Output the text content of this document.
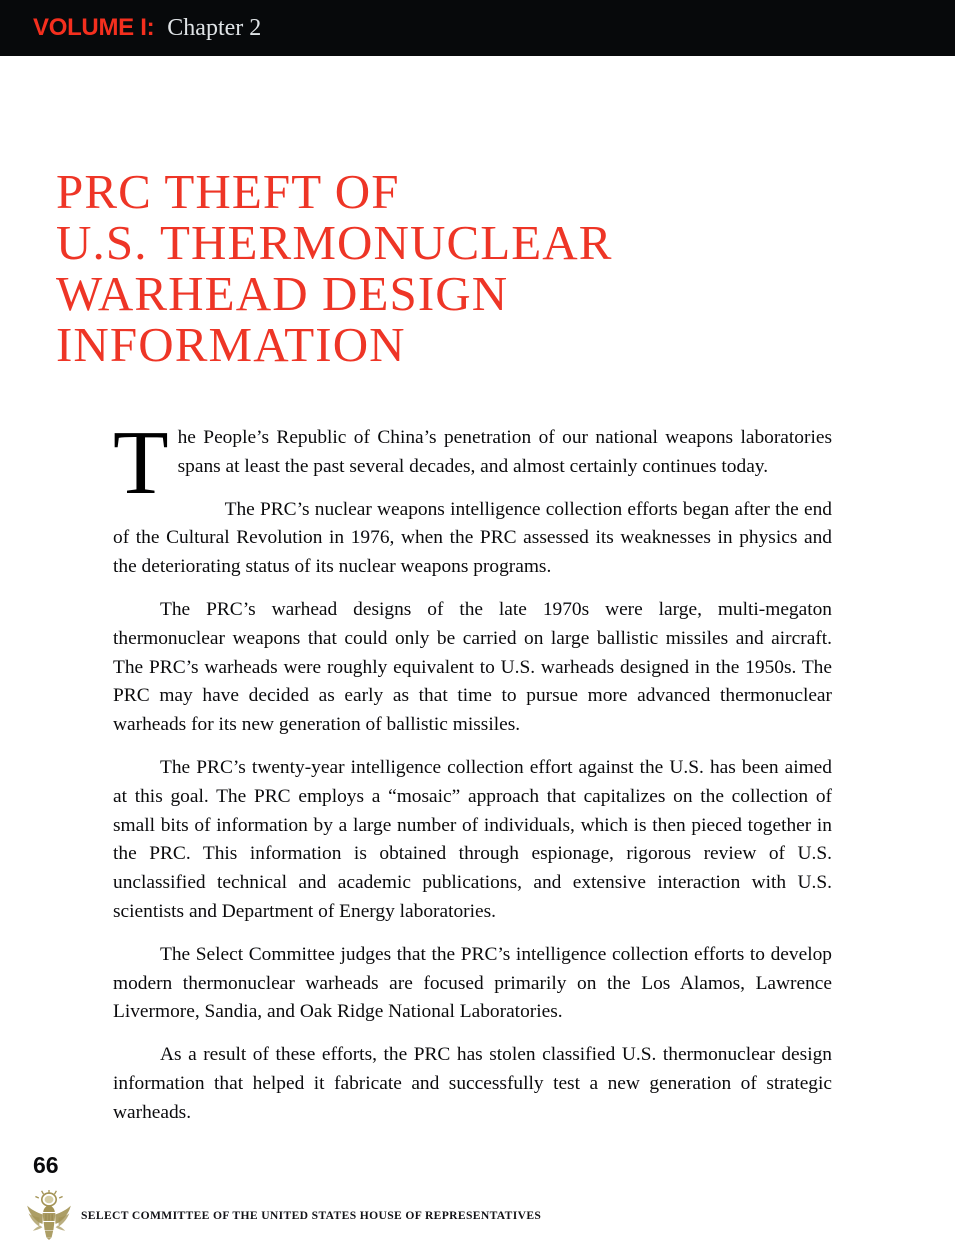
VOLUME I: Chapter 2
PRC THEFT OF
U.S. THERMONUCLEAR
WARHEAD DESIGN
INFORMATION

The People’s Republic of China’s penetration of our national weapons laboratories spans at least the past several decades, and almost certainly continues today.

The PRC’s nuclear weapons intelligence collection efforts began after the end of the Cultural Revolution in 1976, when the PRC assessed its weaknesses in physics and the deteriorating status of its nuclear weapons programs.

The PRC’s warhead designs of the late 1970s were large, multi-megaton thermonuclear weapons that could only be carried on large ballistic missiles and aircraft. The PRC’s warheads were roughly equivalent to U.S. warheads designed in the 1950s. The PRC may have decided as early as that time to pursue more advanced thermonuclear warheads for its new generation of ballistic missiles.

The PRC’s twenty-year intelligence collection effort against the U.S. has been aimed at this goal. The PRC employs a “mosaic” approach that capitalizes on the collection of small bits of information by a large number of individuals, which is then pieced together in the PRC. This information is obtained through espionage, rigorous review of U.S. unclassified technical and academic publications, and extensive interaction with U.S. scientists and Department of Energy laboratories.

The Select Committee judges that the PRC’s intelligence collection efforts to develop modern thermonuclear warheads are focused primarily on the Los Alamos, Lawrence Livermore, Sandia, and Oak Ridge National Laboratories.

As a result of these efforts, the PRC has stolen classified U.S. thermonuclear design information that helped it fabricate and successfully test a new generation of strategic warheads.

66
SELECT COMMITTEE OF THE UNITED STATES HOUSE OF REPRESENTATIVES
